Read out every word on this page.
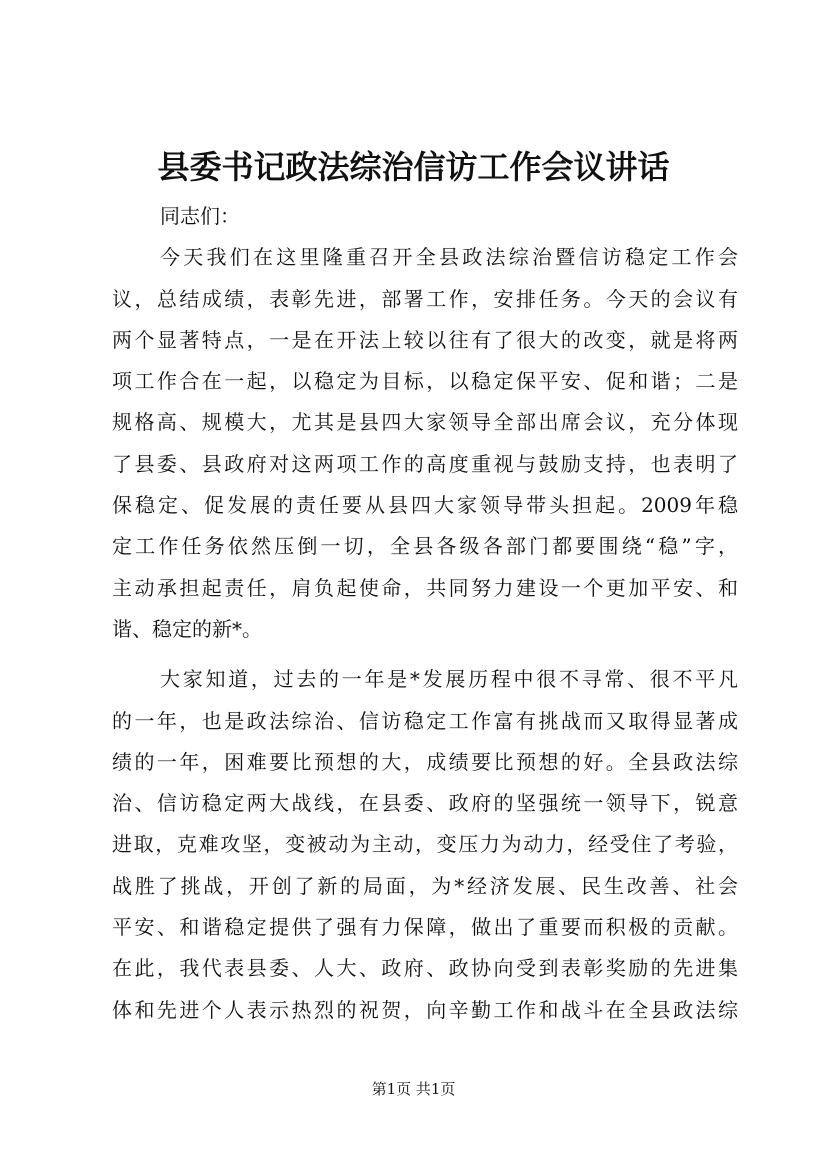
县委书记政法综治信访工作会议讲话
同志们：
今天我们在这里隆重召开全县政法综治暨信访稳定工作会
议，总结成绩，表彰先进，部署工作，安排任务。今天的会议有
两个显著特点，一是在开法上较以往有了很大的改变，就是将两
项工作合在一起，以稳定为目标，以稳定保平安、促和谐；二是
规格高、规模大，尤其是县四大家领导全部出席会议，充分体现
了县委、县政府对这两项工作的高度重视与鼓励支持，也表明了
保稳定、促发展的责任要从县四大家领导带头担起。2009年稳
定工作任务依然压倒一切，全县各级各部门都要围绕“稳”字，
主动承担起责任，肩负起使命，共同努力建设一个更加平安、和
谐、稳定的新*。
大家知道，过去的一年是*发展历程中很不寻常、很不平凡
的一年，也是政法综治、信访稳定工作富有挑战而又取得显著成
绩的一年，困难要比预想的大，成绩要比预想的好。全县政法综
治、信访稳定两大战线，在县委、政府的坚强统一领导下，锐意
进取，克难攻坚，变被动为主动，变压力为动力，经受住了考验，
战胜了挑战，开创了新的局面，为*经济发展、民生改善、社会
平安、和谐稳定提供了强有力保障，做出了重要而积极的贡献。
在此，我代表县委、人大、政府、政协向受到表彰奖励的先进集
体和先进个人表示热烈的祝贺，向辛勤工作和战斗在全县政法综
第1页 共1页
